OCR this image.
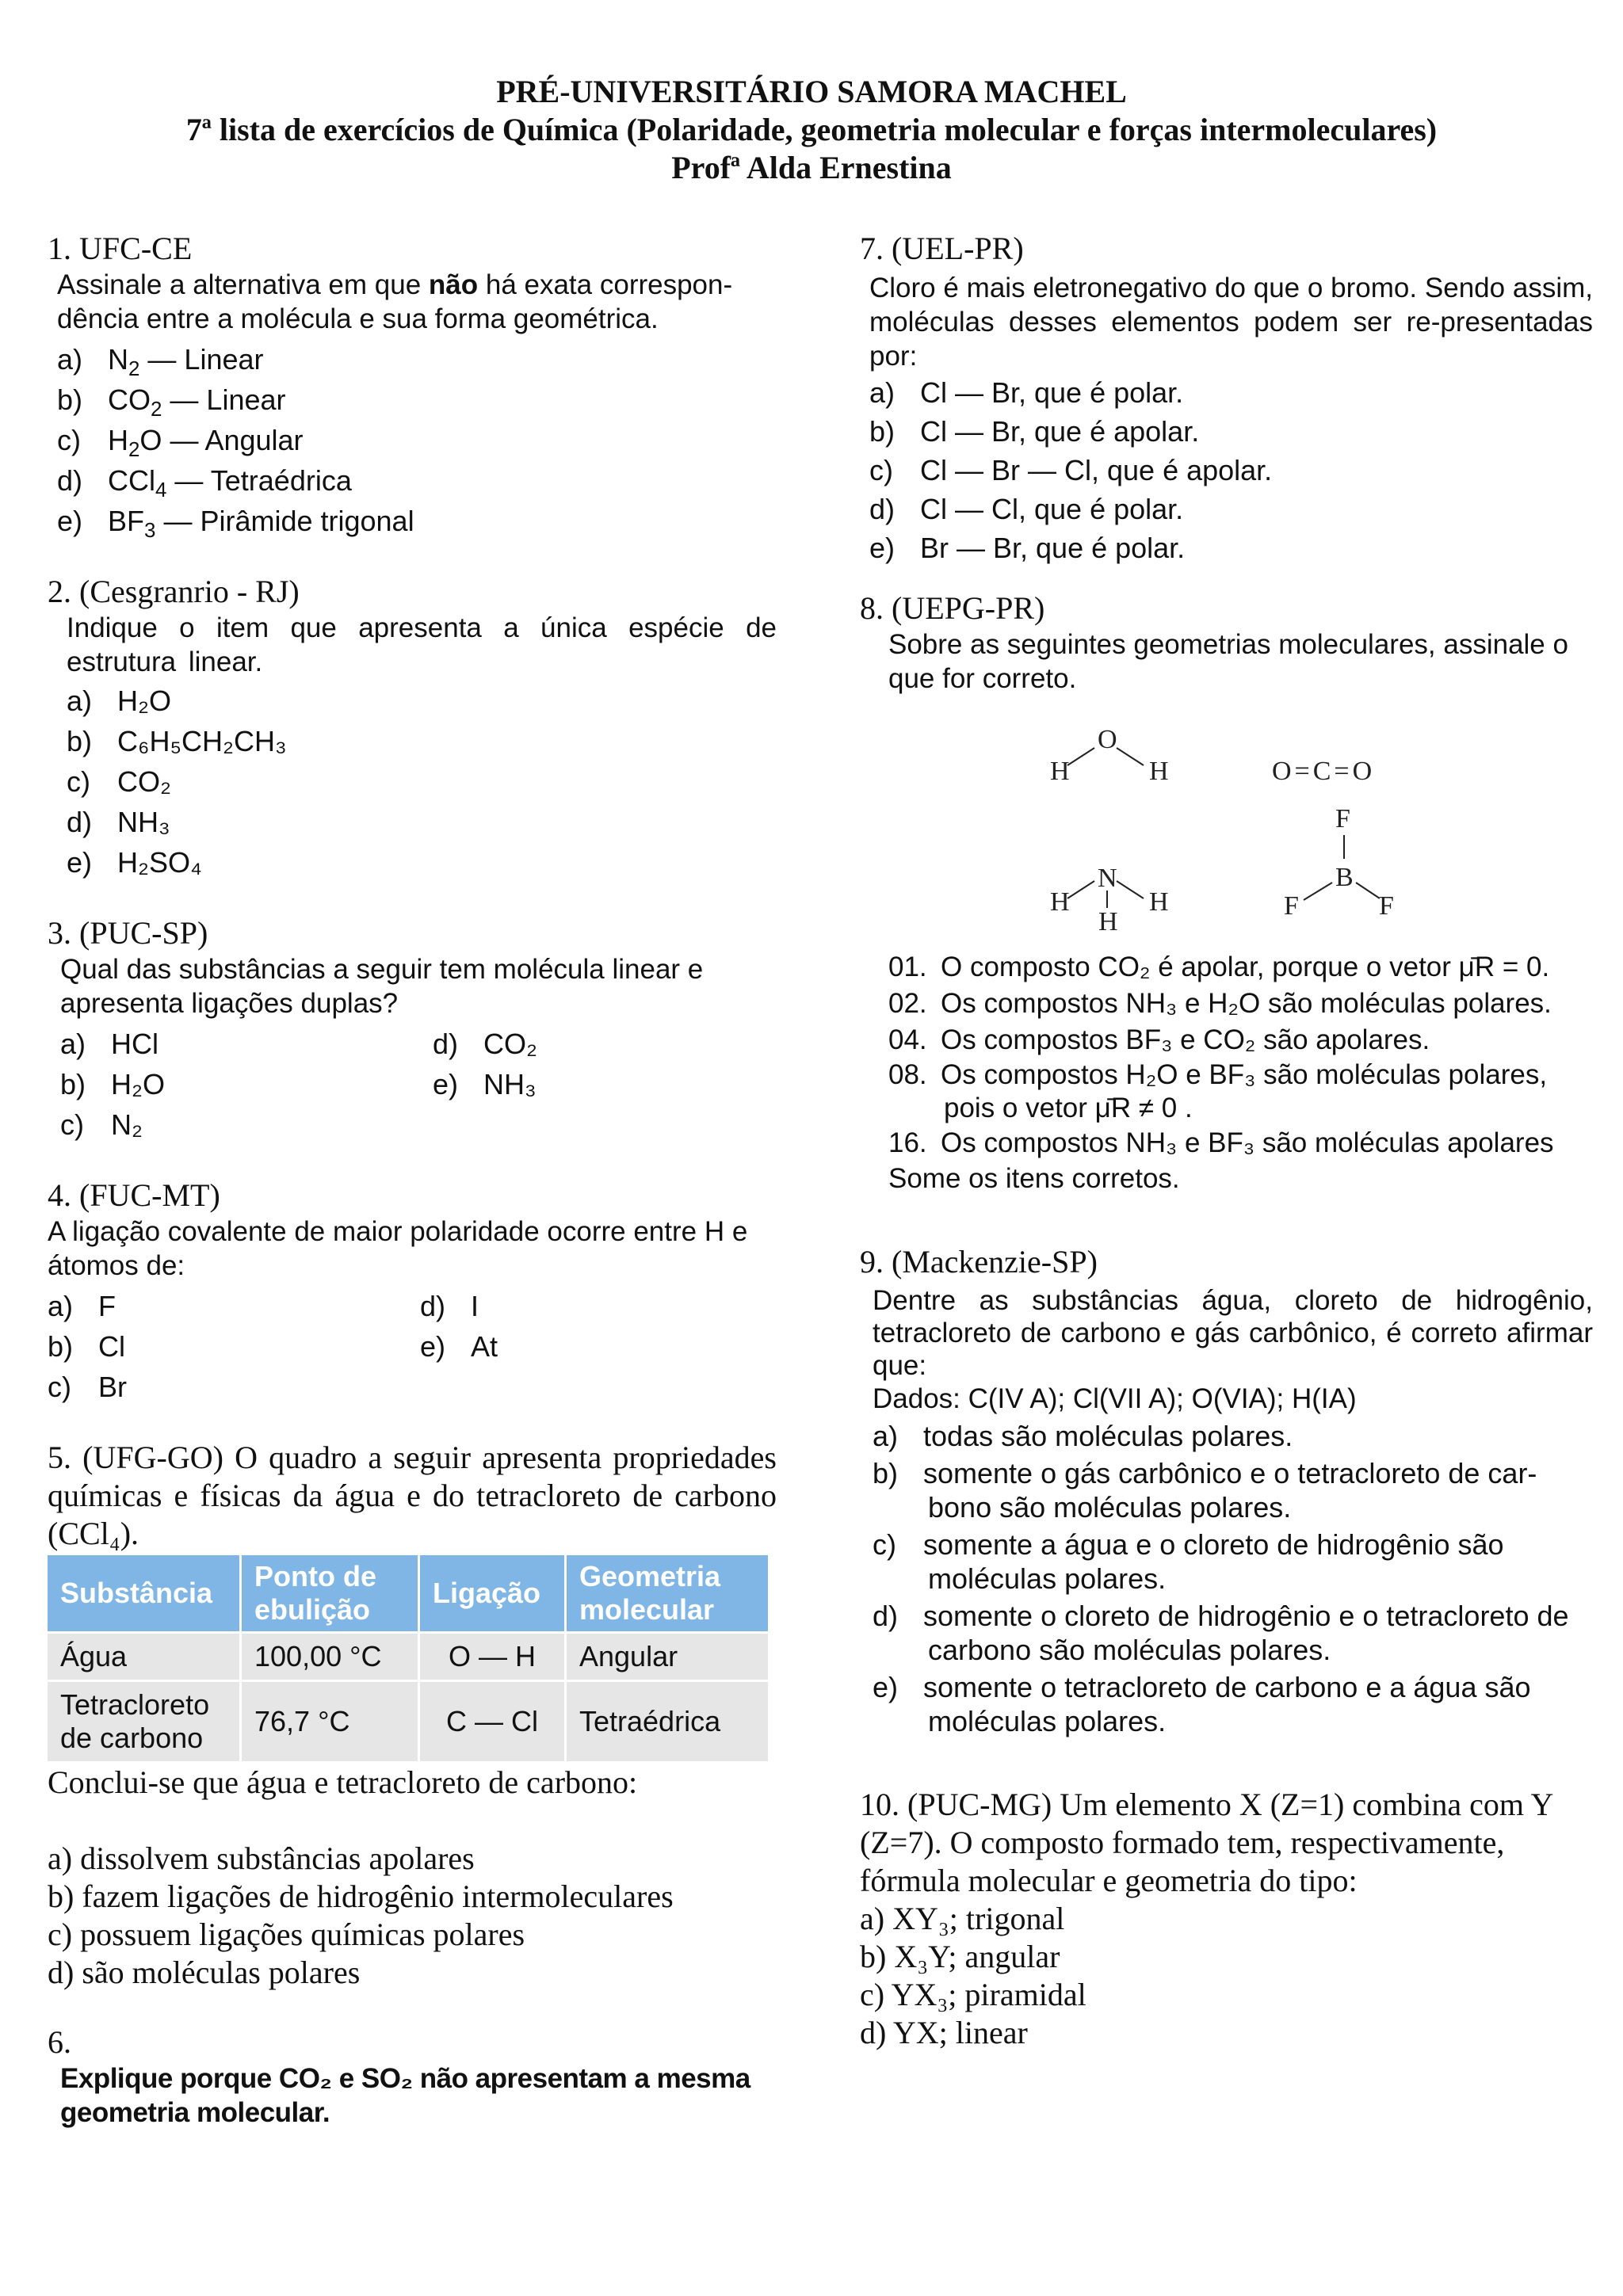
PRÉ-UNIVERSITÁRIO SAMORA MACHEL
7ª lista de exercícios de Química (Polaridade, geometria molecular e forças intermoleculares)
Profª Alda Ernestina
1. UFC-CE
Assinale a alternativa em que não há exata correspon-dência entre a molécula e sua forma geométrica.
a) $N_2$ — Linear
b) $CO_2$ — Linear
c) $H_2O$ — Angular
d) CCl$_4$ — Tetraédrica
e) $BF_3$ — Pirâmide trigonal
2. (Cesgranrio - RJ)
Indique o item que apresenta a única espécie de estrutura linear.
a) H₂O
b) C₆H₅CH₂CH₃
c) CO₂
d) NH₃
e) H₂SO₄
3. (PUC-SP)
Qual das substâncias a seguir tem molécula linear e apresenta ligações duplas?
a) HCl	d) CO₂
b) H₂O	e) NH₃
c) N₂
4. (FUC-MT)
A ligação covalente de maior polaridade ocorre entre H e átomos de:
a) F	d) I
b) Cl	e) At
c) Br
5. (UFG-GO) O quadro a seguir apresenta propriedades químicas e físicas da água e do tetracloreto de carbono (CCl₄).
Substância	Ponto de ebulição	Ligação	Geometria molecular
Água	100,00 °C	O — H	Angular
Tetracloreto de carbono	76,7 °C	C — Cl	Tetraédrica
Conclui-se que água e tetracloreto de carbono:
a) dissolvem substâncias apolares
b) fazem ligações de hidrogênio intermoleculares
c) possuem ligações químicas polares
d) são moléculas polares
6.
Explique porque CO₂ e SO₂ não apresentam a mesma geometria molecular.
7. (UEL-PR)
Cloro é mais eletronegativo do que o bromo. Sendo assim, moléculas desses elementos podem ser re-presentadas por:
a) Cl — Br, que é polar.
b) Cl — Br, que é apolar.
c) Cl — Br — Cl, que é apolar.
d) Cl — Cl, que é polar.
e) Br — Br, que é polar.
8. (UEPG-PR)
Sobre as seguintes geometrias moleculares, assinale o que for correto.
O
H	H	O=C=O
N
H	H
H
F
B
F	F
01. O composto CO₂ é apolar, porque o vetor μ̄R = 0.
02. Os compostos NH₃ e H₂O são moléculas polares.
04. Os compostos BF₃ e CO₂ são apolares.
08. Os compostos H₂O e BF₃ são moléculas polares, pois o vetor μ̄R ≠ 0 .
16. Os compostos NH₃ e BF₃ são moléculas apolares
Some os itens corretos.
9. (Mackenzie-SP)
Dentre as substâncias água, cloreto de hidrogênio, tetracloreto de carbono e gás carbônico, é correto afirmar que:
Dados: C(IV A); Cl(VII A); O(VIA); H(IA)
a) todas são moléculas polares.
b) somente o gás carbônico e o tetracloreto de car-bono são moléculas polares.
c) somente a água e o cloreto de hidrogênio são moléculas polares.
d) somente o cloreto de hidrogênio e o tetracloreto de carbono são moléculas polares.
e) somente o tetracloreto de carbono e a água são moléculas polares.
10. (PUC-MG) Um elemento X (Z=1) combina com Y (Z=7). O composto formado tem, respectivamente, fórmula molecular e geometria do tipo:
a) XY₃; trigonal
b) X₃Y; angular
c) YX₃; piramidal
d) YX; linear
